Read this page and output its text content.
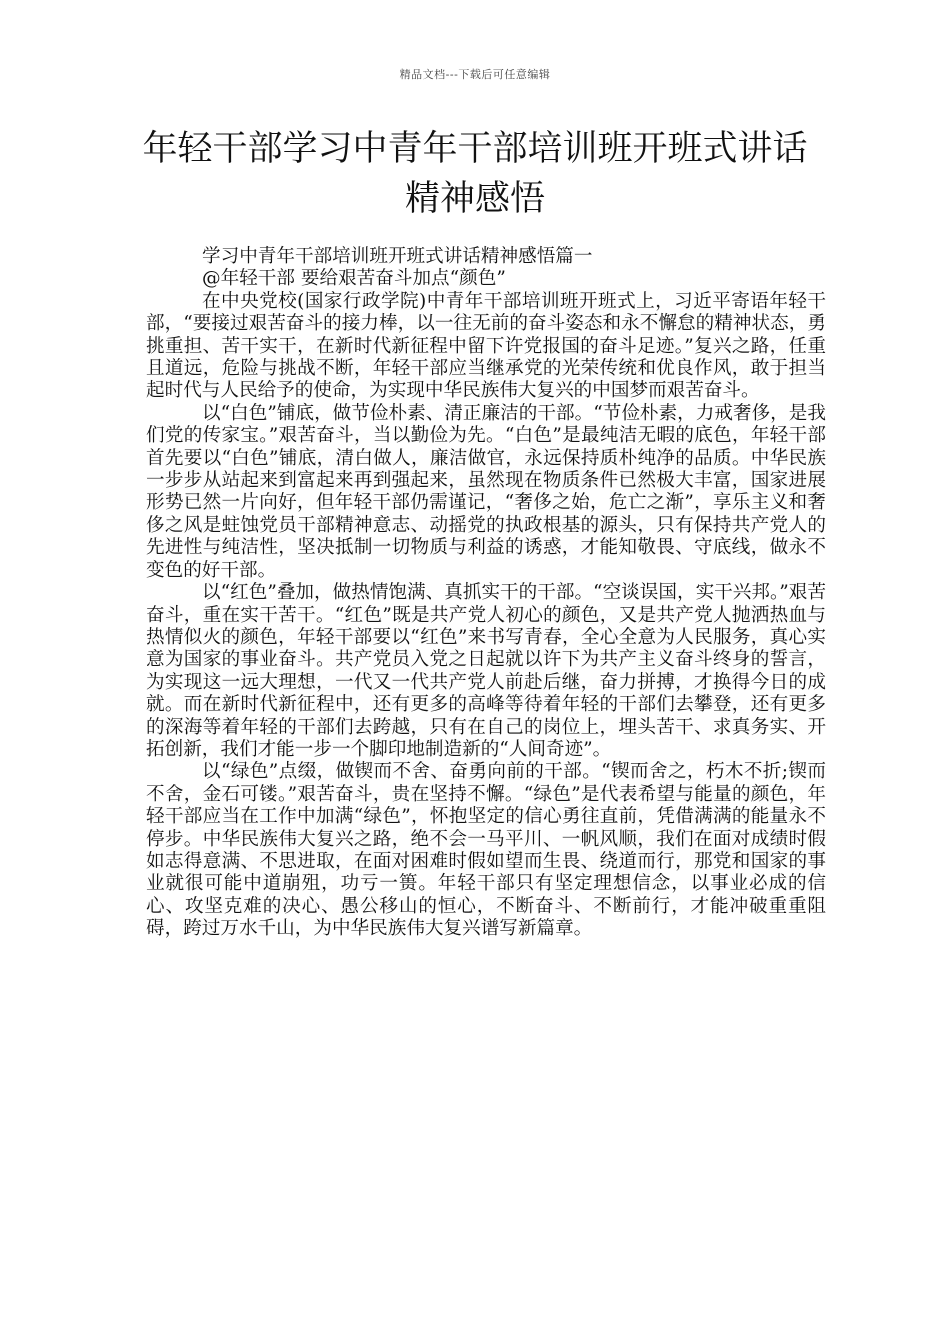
精品文档---下载后可任意编辑
年轻干部学习中青年干部培训班开班式讲话精神感悟

学习中青年干部培训班开班式讲话精神感悟篇一

@年轻干部 要给艰苦奋斗加点“颜色”

在中央党校(国家行政学院)中青年干部培训班开班式上，习近平寄语年轻干部，“要接过艰苦奋斗的接力棒，以一往无前的奋斗姿态和永不懈怠的精神状态，勇挑重担、苦干实干，在新时代新征程中留下许党报国的奋斗足迹。”复兴之路，任重且道远，危险与挑战不断，年轻干部应当继承党的光荣传统和优良作风，敢于担当起时代与人民给予的使命，为实现中华民族伟大复兴的中国梦而艰苦奋斗。

以“白色”铺底，做节俭朴素、清正廉洁的干部。“节俭朴素，力戒奢侈，是我们党的传家宝。”艰苦奋斗，当以勤俭为先。“白色”是最纯洁无暇的底色，年轻干部首先要以“白色”铺底，清白做人，廉洁做官，永远保持质朴纯净的品质。中华民族一步步从站起来到富起来再到强起来，虽然现在物质条件已然极大丰富，国家进展形势已然一片向好，但年轻干部仍需谨记，“奢侈之始，危亡之渐”，享乐主义和奢侈之风是蛀蚀党员干部精神意志、动摇党的执政根基的源头，只有保持共产党人的先进性与纯洁性，坚决抵制一切物质与利益的诱惑，才能知敬畏、守底线，做永不变色的好干部。

以“红色”叠加，做热情饱满、真抓实干的干部。“空谈误国，实干兴邦。”艰苦奋斗，重在实干苦干。“红色”既是共产党人初心的颜色，又是共产党人抛洒热血与热情似火的颜色，年轻干部要以“红色”来书写青春，全心全意为人民服务，真心实意为国家的事业奋斗。共产党员入党之日起就以许下为共产主义奋斗终身的誓言，为实现这一远大理想，一代又一代共产党人前赴后继，奋力拼搏，才换得今日的成就。而在新时代新征程中，还有更多的高峰等待着年轻的干部们去攀登，还有更多的深海等着年轻的干部们去跨越，只有在自己的岗位上，埋头苦干、求真务实、开拓创新，我们才能一步一个脚印地制造新的“人间奇迹”。

以“绿色”点缀，做锲而不舍、奋勇向前的干部。“锲而舍之，朽木不折;锲而不舍，金石可镂。”艰苦奋斗，贵在坚持不懈。“绿色”是代表希望与能量的颜色，年轻干部应当在工作中加满“绿色”，怀抱坚定的信心勇往直前，凭借满满的能量永不停步。中华民族伟大复兴之路，绝不会一马平川、一帆风顺，我们在面对成绩时假如志得意满、不思进取，在面对困难时假如望而生畏、绕道而行，那党和国家的事业就很可能中道崩殂，功亏一篑。年轻干部只有坚定理想信念，以事业必成的信心、攻坚克难的决心、愚公移山的恒心，不断奋斗、不断前行，才能冲破重重阻碍，跨过万水千山，为中华民族伟大复兴谱写新篇章。
